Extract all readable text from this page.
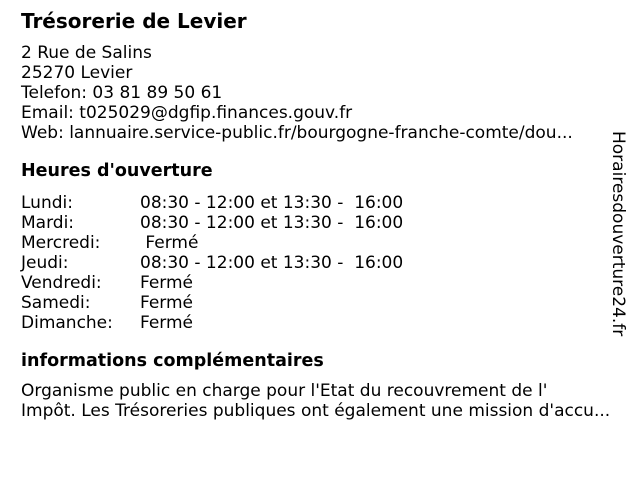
Trésorerie de Levier
2 Rue de Salins
25270 Levier
Telefon: 03 81 89 50 61
Email: t025029@dgfip.finances.gouv.fr
Web: lannuaire.service-public.fr/bourgogne-franche-comte/dou...
Heures d'ouverture
Lundi:	08:30 - 12:00 et 13:30 -  16:00
Mardi:	08:30 - 12:00 et 13:30 -  16:00
Mercredi:	Fermé
Jeudi:	08:30 - 12:00 et 13:30 -  16:00
Vendredi:	Fermé
Samedi:	Fermé
Dimanche:	Fermé
informations complémentaires
Organisme public en charge pour l'Etat du recouvrement de l'
Impôt. Les Trésoreries publiques ont également une mission d'accu...
Horairesdouverture24.fr
